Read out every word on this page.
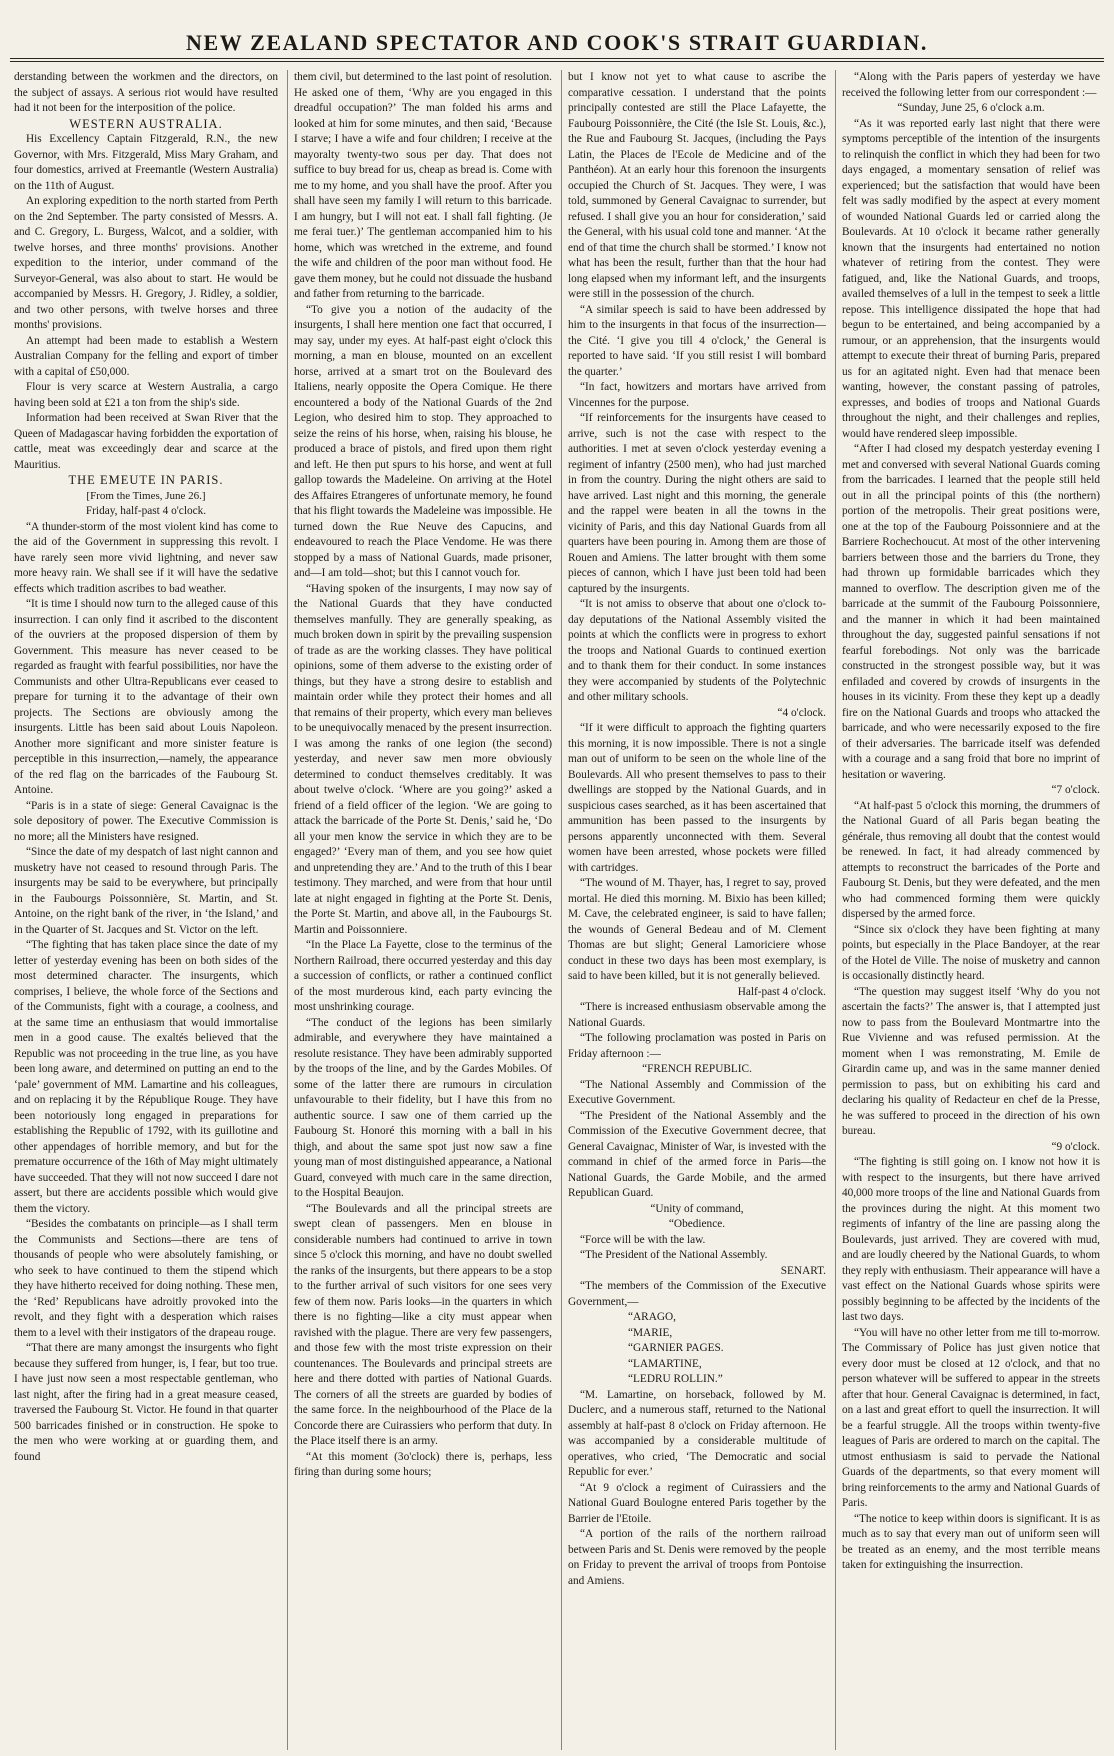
NEW ZEALAND SPECTATOR AND COOK'S STRAIT GUARDIAN.

derstanding between the workmen and the directors, on the subject of assays. A serious riot would have resulted had it not been for the interposition of the police.

WESTERN AUSTRALIA.

His Excellency Captain Fitzgerald, R.N., the new Governor, with Mrs. Fitzgerald, Miss Mary Graham, and four domestics, arrived at Freemantle (Western Australia) on the 11th of August.

An exploring expedition to the north started from Perth on the 2nd September. The party consisted of Messrs. A. and C. Gregory, L. Burgess, Walcot, and a soldier, with twelve horses, and three months' provisions. Another expedition to the interior, under command of the Surveyor-General, was also about to start. He would be accompanied by Messrs. H. Gregory, J. Ridley, a soldier, and two other persons, with twelve horses and three months' provisions.

An attempt had been made to establish a Western Australian Company for the felling and export of timber with a capital of £50,000.

Flour is very scarce at Western Australia, a cargo having been sold at £21 a ton from the ship's side.

Information had been received at Swan River that the Queen of Madagascar having forbidden the exportation of cattle, meat was exceedingly dear and scarce at the Mauritius.

THE EMEUTE IN PARIS.

[From the Times, June 26.]

Friday, half-past 4 o'clock.

“A thunder-storm of the most violent kind has come to the aid of the Government in suppressing this revolt. I have rarely seen more vivid lightning, and never saw more heavy rain. We shall see if it will have the sedative effects which tradition ascribes to bad weather.

“It is time I should now turn to the alleged cause of this insurrection. I can only find it ascribed to the discontent of the ouvriers at the proposed dispersion of them by Government. This measure has never ceased to be regarded as fraught with fearful possibilities, nor have the Communists and other Ultra-Republicans ever ceased to prepare for turning it to the advantage of their own projects. The Sections are obviously among the insurgents. Little has been said about Louis Napoleon. Another more significant and more sinister feature is perceptible in this insurrection,—namely, the appearance of the red flag on the barricades of the Faubourg St. Antoine.

“Paris is in a state of siege: General Cavaignac is the sole depository of power. The Executive Commission is no more; all the Ministers have resigned.

“Since the date of my despatch of last night cannon and musketry have not ceased to resound through Paris. The insurgents may be said to be everywhere, but principally in the Faubourgs Poissonnière, St. Martin, and St. Antoine, on the right bank of the river, in ‘the Island,’ and in the Quarter of St. Jacques and St. Victor on the left.

“The fighting that has taken place since the date of my letter of yesterday evening has been on both sides of the most determined character. The insurgents, which comprises, I believe, the whole force of the Sections and of the Communists, fight with a courage, a coolness, and at the same time an enthusiasm that would immortalise men in a good cause. The exaltés believed that the Republic was not proceeding in the true line, as you have been long aware, and determined on putting an end to the ‘pale’ government of MM. Lamartine and his colleagues, and on replacing it by the République Rouge. They have been notoriously long engaged in preparations for establishing the Republic of 1792, with its guillotine and other appendages of horrible memory, and but for the premature occurrence of the 16th of May might ultimately have succeeded. That they will not now succeed I dare not assert, but there are accidents possible which would give them the victory.

“Besides the combatants on principle—as I shall term the Communists and Sections—there are tens of thousands of people who were absolutely famishing, or who seek to have continued to them the stipend which they have hitherto received for doing nothing. These men, the ‘Red’ Republicans have adroitly provoked into the revolt, and they fight with a desperation which raises them to a level with their instigators of the drapeau rouge.

“That there are many amongst the insurgents who fight because they suffered from hunger, is, I fear, but too true. I have just now seen a most respectable gentleman, who last night, after the firing had in a great measure ceased, traversed the Faubourg St. Victor. He found in that quarter 500 barricades finished or in construction. He spoke to the men who were working at or guarding them, and found

them civil, but determined to the last point of resolution. He asked one of them, ‘Why are you engaged in this dreadful occupation?’ The man folded his arms and looked at him for some minutes, and then said, ‘Because I starve; I have a wife and four children; I receive at the mayoralty twenty-two sous per day. That does not suffice to buy bread for us, cheap as bread is. Come with me to my home, and you shall have the proof. After you shall have seen my family I will return to this barricade. I am hungry, but I will not eat. I shall fall fighting. (Je me ferai tuer.)’ The gentleman accompanied him to his home, which was wretched in the extreme, and found the wife and children of the poor man without food. He gave them money, but he could not dissuade the husband and father from returning to the barricade.

“To give you a notion of the audacity of the insurgents, I shall here mention one fact that occurred, I may say, under my eyes. At half-past eight o'clock this morning, a man en blouse, mounted on an excellent horse, arrived at a smart trot on the Boulevard des Italiens, nearly opposite the Opera Comique. He there encountered a body of the National Guards of the 2nd Legion, who desired him to stop. They approached to seize the reins of his horse, when, raising his blouse, he produced a brace of pistols, and fired upon them right and left. He then put spurs to his horse, and went at full gallop towards the Madeleine. On arriving at the Hotel des Affaires Etrangeres of unfortunate memory, he found that his flight towards the Madeleine was impossible. He turned down the Rue Neuve des Capucins, and endeavoured to reach the Place Vendome. He was there stopped by a mass of National Guards, made prisoner, and—I am told—shot; but this I cannot vouch for.

“Having spoken of the insurgents, I may now say of the National Guards that they have conducted themselves manfully. They are generally speaking, as much broken down in spirit by the prevailing suspension of trade as are the working classes. They have political opinions, some of them adverse to the existing order of things, but they have a strong desire to establish and maintain order while they protect their homes and all that remains of their property, which every man believes to be unequivocally menaced by the present insurrection. I was among the ranks of one legion (the second) yesterday, and never saw men more obviously determined to conduct themselves creditably. It was about twelve o'clock. ‘Where are you going?’ asked a friend of a field officer of the legion. ‘We are going to attack the barricade of the Porte St. Denis,’ said he, ‘Do all your men know the service in which they are to be engaged?’ ‘Every man of them, and you see how quiet and unpretending they are.’ And to the truth of this I bear testimony. They marched, and were from that hour until late at night engaged in fighting at the Porte St. Denis, the Porte St. Martin, and above all, in the Faubourgs St. Martin and Poissonniere.

“In the Place La Fayette, close to the terminus of the Northern Railroad, there occurred yesterday and this day a succession of conflicts, or rather a continued conflict of the most murderous kind, each party evincing the most unshrinking courage.

“The conduct of the legions has been similarly admirable, and everywhere they have maintained a resolute resistance. They have been admirably supported by the troops of the line, and by the Gardes Mobiles. Of some of the latter there are rumours in circulation unfavourable to their fidelity, but I have this from no authentic source. I saw one of them carried up the Faubourg St. Honoré this morning with a ball in his thigh, and about the same spot just now saw a fine young man of most distinguished appearance, a National Guard, conveyed with much care in the same direction, to the Hospital Beaujon.

“The Boulevards and all the principal streets are swept clean of passengers. Men en blouse in considerable numbers had continued to arrive in town since 5 o'clock this morning, and have no doubt swelled the ranks of the insurgents, but there appears to be a stop to the further arrival of such visitors for one sees very few of them now. Paris looks—in the quarters in which there is no fighting—like a city must appear when ravished with the plague. There are very few passengers, and those few with the most triste expression on their countenances. The Boulevards and principal streets are here and there dotted with parties of National Guards. The corners of all the streets are guarded by bodies of the same force. In the neighbourhood of the Place de la Concorde there are Cuirassiers who perform that duty. In the Place itself there is an army.

“At this moment (3o'clock) there is, perhaps, less firing than during some hours;

but I know not yet to what cause to ascribe the comparative cessation. I understand that the points principally contested are still the Place Lafayette, the Faubourg Poissonnière, the Cité (the Isle St. Louis, &c.), the Rue and Faubourg St. Jacques, (including the Pays Latin, the Places de l'Ecole de Medicine and of the Panthéon). At an early hour this forenoon the insurgents occupied the Church of St. Jacques. They were, I was told, summoned by General Cavaignac to surrender, but refused. I shall give you an hour for consideration,’ said the General, with his usual cold tone and manner. ‘At the end of that time the church shall be stormed.’ I know not what has been the result, further than that the hour had long elapsed when my informant left, and the insurgents were still in the possession of the church.

“A similar speech is said to have been addressed by him to the insurgents in that focus of the insurrection—the Cité. ‘I give you till 4 o'clock,’ the General is reported to have said. ‘If you still resist I will bombard the quarter.’

“In fact, howitzers and mortars have arrived from Vincennes for the purpose.

“If reinforcements for the insurgents have ceased to arrive, such is not the case with respect to the authorities. I met at seven o'clock yesterday evening a regiment of infantry (2500 men), who had just marched in from the country. During the night others are said to have arrived. Last night and this morning, the generale and the rappel were beaten in all the towns in the vicinity of Paris, and this day National Guards from all quarters have been pouring in. Among them are those of Rouen and Amiens. The latter brought with them some pieces of cannon, which I have just been told had been captured by the insurgents.

“It is not amiss to observe that about one o'clock to-day deputations of the National Assembly visited the points at which the conflicts were in progress to exhort the troops and National Guards to continued exertion and to thank them for their conduct. In some instances they were accompanied by students of the Polytechnic and other military schools.

“4 o'clock.

“If it were difficult to approach the fighting quarters this morning, it is now impossible. There is not a single man out of uniform to be seen on the whole line of the Boulevards. All who present themselves to pass to their dwellings are stopped by the National Guards, and in suspicious cases searched, as it has been ascertained that ammunition has been passed to the insurgents by persons apparently unconnected with them. Several women have been arrested, whose pockets were filled with cartridges.

“The wound of M. Thayer, has, I regret to say, proved mortal. He died this morning. M. Bixio has been killed; M. Cave, the celebrated engineer, is said to have fallen; the wounds of General Bedeau and of M. Clement Thomas are but slight; General Lamoriciere whose conduct in these two days has been most exemplary, is said to have been killed, but it is not generally believed.

Half-past 4 o'clock.

“There is increased enthusiasm observable among the National Guards.

“The following proclamation was posted in Paris on Friday afternoon :—

“FRENCH REPUBLIC.

“The National Assembly and Commission of the Executive Government.

“The President of the National Assembly and the Commission of the Executive Government decree, that General Cavaignac, Minister of War, is invested with the command in chief of the armed force in Paris—the National Guards, the Garde Mobile, and the armed Republican Guard.

“Unity of command,

“Obedience.

“Force will be with the law.

“The President of the National Assembly.

SENART.

“The members of the Commission of the Executive Government,—

“ARAGO,

“MARIE,

“GARNIER PAGES.

“LAMARTINE,

“LEDRU ROLLIN.”

“M. Lamartine, on horseback, followed by M. Duclerc, and a numerous staff, returned to the National assembly at half-past 8 o'clock on Friday afternoon. He was accompanied by a considerable multitude of operatives, who cried, ‘The Democratic and social Republic for ever.’

“At 9 o'clock a regiment of Cuirassiers and the National Guard Boulogne entered Paris together by the Barrier de l'Etoile.

“A portion of the rails of the northern railroad between Paris and St. Denis were removed by the people on Friday to prevent the arrival of troops from Pontoise and Amiens.

“Along with the Paris papers of yesterday we have received the following letter from our correspondent :—

“Sunday, June 25, 6 o'clock a.m.

“As it was reported early last night that there were symptoms perceptible of the intention of the insurgents to relinquish the conflict in which they had been for two days engaged, a momentary sensation of relief was experienced; but the satisfaction that would have been felt was sadly modified by the aspect at every moment of wounded National Guards led or carried along the Boulevards. At 10 o'clock it became rather generally known that the insurgents had entertained no notion whatever of retiring from the contest. They were fatigued, and, like the National Guards, and troops, availed themselves of a lull in the tempest to seek a little repose. This intelligence dissipated the hope that had begun to be entertained, and being accompanied by a rumour, or an apprehension, that the insurgents would attempt to execute their threat of burning Paris, prepared us for an agitated night. Even had that menace been wanting, however, the constant passing of patroles, expresses, and bodies of troops and National Guards throughout the night, and their challenges and replies, would have rendered sleep impossible.

“After I had closed my despatch yesterday evening I met and conversed with several National Guards coming from the barricades. I learned that the people still held out in all the principal points of this (the northern) portion of the metropolis. Their great positions were, one at the top of the Faubourg Poissonniere and at the Barriere Rochechoucut. At most of the other intervening barriers between those and the barriers du Trone, they had thrown up formidable barricades which they manned to overflow. The description given me of the barricade at the summit of the Faubourg Poissonniere, and the manner in which it had been maintained throughout the day, suggested painful sensations if not fearful forebodings. Not only was the barricade constructed in the strongest possible way, but it was enfiladed and covered by crowds of insurgents in the houses in its vicinity. From these they kept up a deadly fire on the National Guards and troops who attacked the barricade, and who were necessarily exposed to the fire of their adversaries. The barricade itself was defended with a courage and a sang froid that bore no imprint of hesitation or wavering.

“7 o'clock.

“At half-past 5 o'clock this morning, the drummers of the National Guard of all Paris began beating the générale, thus removing all doubt that the contest would be renewed. In fact, it had already commenced by attempts to reconstruct the barricades of the Porte and Faubourg St. Denis, but they were defeated, and the men who had commenced forming them were quickly dispersed by the armed force.

“Since six o'clock they have been fighting at many points, but especially in the Place Bandoyer, at the rear of the Hotel de Ville. The noise of musketry and cannon is occasionally distinctly heard.

“The question may suggest itself ‘Why do you not ascertain the facts?’ The answer is, that I attempted just now to pass from the Boulevard Montmartre into the Rue Vivienne and was refused permission. At the moment when I was remonstrating, M. Emile de Girardin came up, and was in the same manner denied permission to pass, but on exhibiting his card and declaring his quality of Redacteur en chef de la Presse, he was suffered to proceed in the direction of his own bureau.

“9 o'clock.

“The fighting is still going on. I know not how it is with respect to the insurgents, but there have arrived 40,000 more troops of the line and National Guards from the provinces during the night. At this moment two regiments of infantry of the line are passing along the Boulevards, just arrived. They are covered with mud, and are loudly cheered by the National Guards, to whom they reply with enthusiasm. Their appearance will have a vast effect on the National Guards whose spirits were possibly beginning to be affected by the incidents of the last two days.

“You will have no other letter from me till to-morrow. The Commissary of Police has just given notice that every door must be closed at 12 o'clock, and that no person whatever will be suffered to appear in the streets after that hour. General Cavaignac is determined, in fact, on a last and great effort to quell the insurrection. It will be a fearful struggle. All the troops within twenty-five leagues of Paris are ordered to march on the capital. The utmost enthusiasm is said to pervade the National Guards of the departments, so that every moment will bring reinforcements to the army and National Guards of Paris.

“The notice to keep within doors is significant. It is as much as to say that every man out of uniform seen will be treated as an enemy, and the most terrible means taken for extinguishing the insurrection.
